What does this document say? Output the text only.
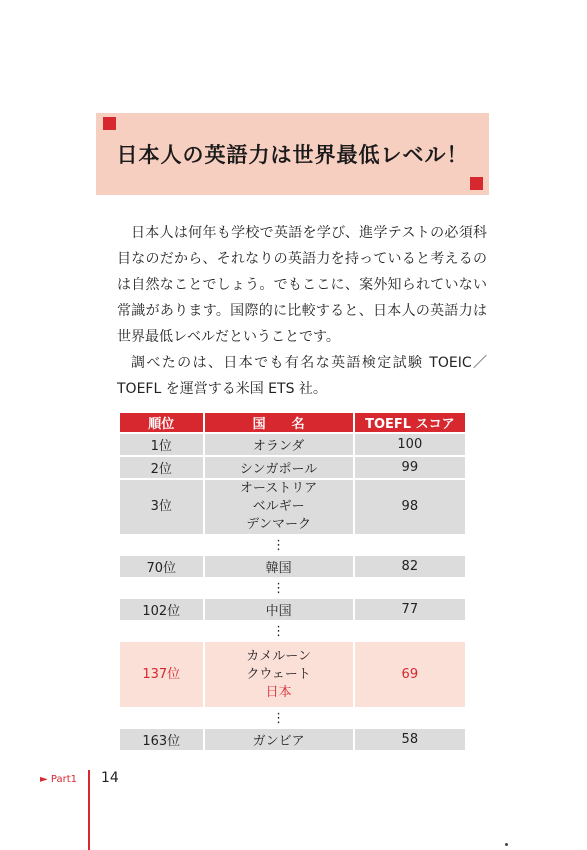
日本人の英語力は世界最低レベル！

日本人は何年も学校で英語を学び、進学テストの必須科目なのだから、それなりの英語力を持っていると考えるのは自然なことでしょう。でもここに、案外知られていない常識があります。国際的に比較すると、日本人の英語力は世界最低レベルだということです。

調べたのは、日本でも有名な英語検定試験 TOEIC／TOEFL を運営する米国 ETS 社。

順位	国　　名	TOEFL スコア
1位	オランダ	100
2位	シンガポール	99
3位	オーストリア
ベルギー
デンマーク	98
	⋮	
70位	韓国	82
	⋮	
102位	中国	77
	⋮	
137位	カメルーン
クウェート
日本	69
	⋮	
163位	ガンビア	58
► Part1 14
